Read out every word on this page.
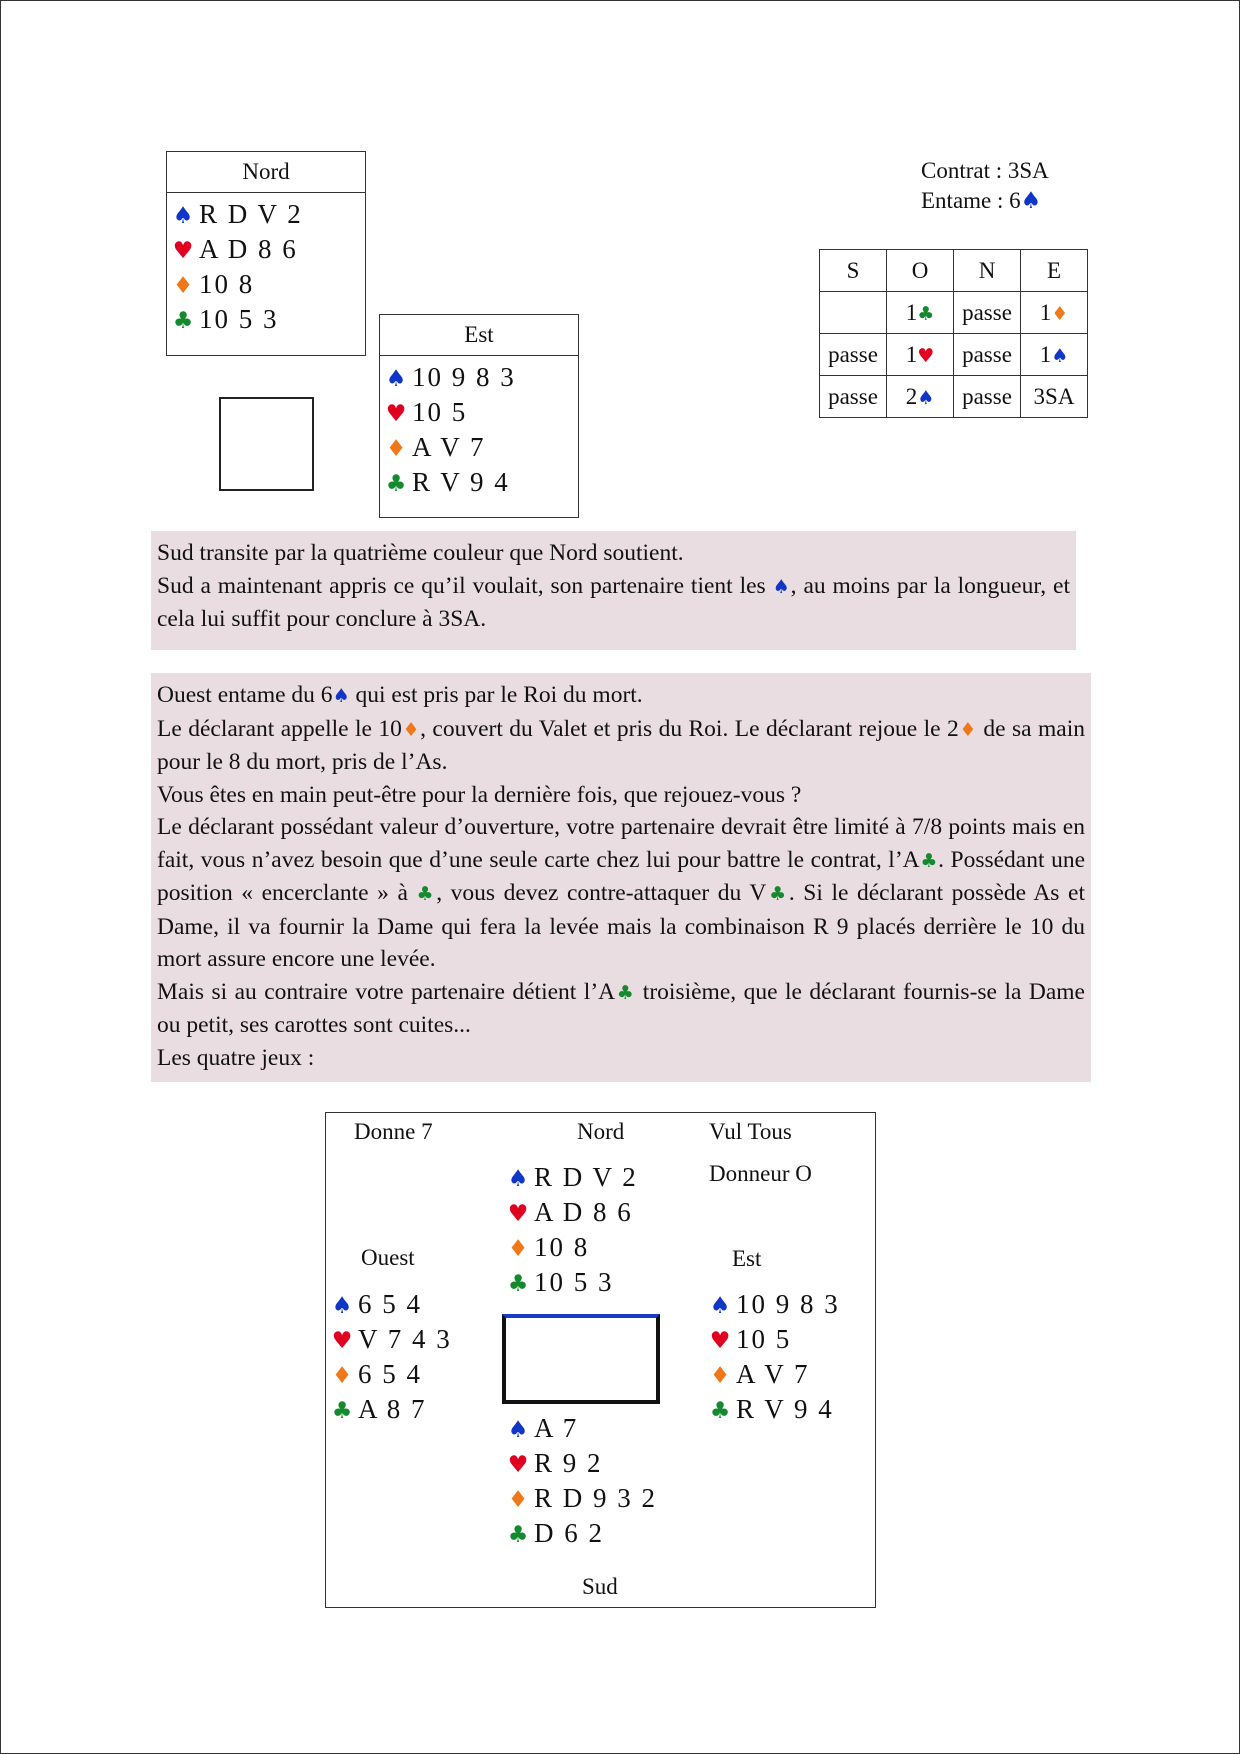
Nord
♠ R D V 2
♥ A D 8 6
♦ 10 8
♣ 10 5 3
Est
♠ 10 9 8 3
♥ 10 5
♦ A V 7
♣ R V 9 4
Contrat : 3SA
Entame : 6♠
S	O	N	E
	1♣	passe	1♦
passe	1♥	passe	1♠
passe	2♠	passe	3SA

Sud transite par la quatrième couleur que Nord soutient.

Sud a maintenant appris ce qu’il voulait, son partenaire tient les ♠, au moins par la longueur, et cela lui suffit pour conclure à 3SA.

Ouest entame du 6♠ qui est pris par le Roi du mort.

Le déclarant appelle le 10♦, couvert du Valet et pris du Roi. Le déclarant rejoue le 2♦ de sa main pour le 8 du mort, pris de l’As.

Vous êtes en main peut-être pour la dernière fois, que rejouez-vous ?

Le déclarant possédant valeur d’ouverture, votre partenaire devrait être limité à 7/8 points mais en fait, vous n’avez besoin que d’une seule carte chez lui pour battre le contrat, l’A♣. Possédant une position « encerclante » à ♣, vous devez contre-attaquer du V♣. Si le déclarant possède As et Dame, il va fournir la Dame qui fera la levée mais la combinaison R 9 placés derrière le 10 du mort assure encore une levée.

Mais si au contraire votre partenaire détient l’A♣ troisième, que le déclarant fournis-se la Dame ou petit, ses carottes sont cuites...

Les quatre jeux :

Donne 7	Nord	Vul Tous
Donneur O
Ouest	Est
Sud
♠ R D V 2
♥ A D 8 6
♦ 10 8
♣ 10 5 3
♠ 6 5 4
♥ V 7 4 3
♦ 6 5 4
♣ A 8 7
♠ 10 9 8 3
♥ 10 5
♦ A V 7
♣ R V 9 4
♠ A 7
♥ R 9 2
♦ R D 9 3 2
♣ D 6 2
